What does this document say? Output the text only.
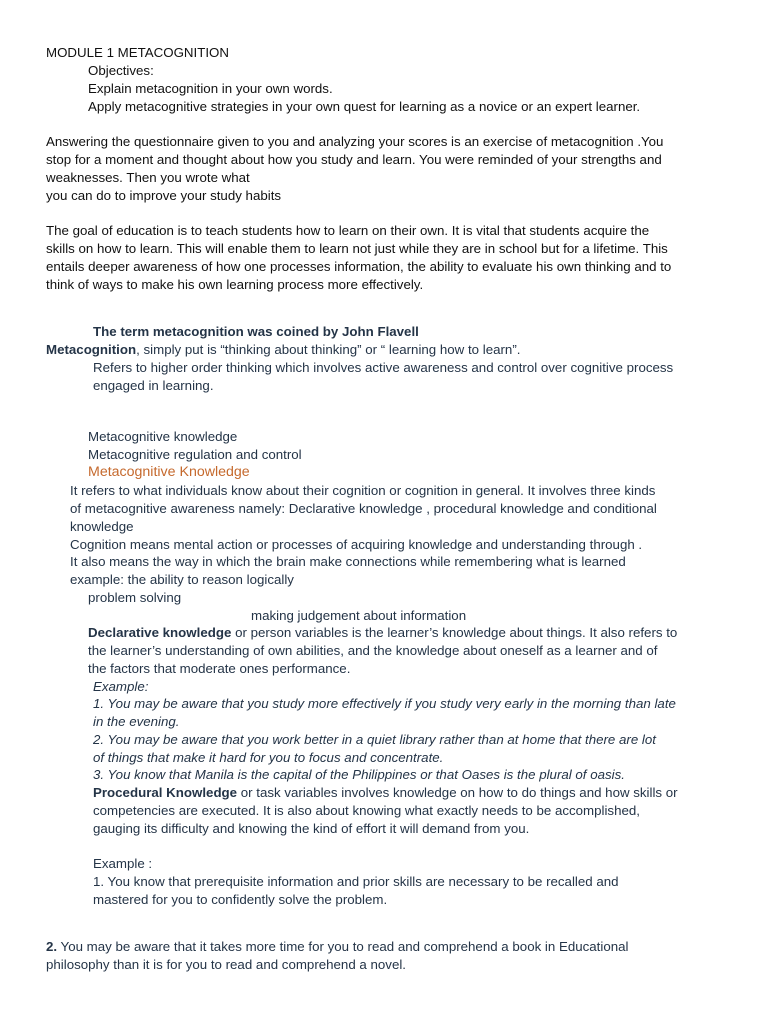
MODULE 1 METACOGNITION
Objectives:
Explain metacognition in your own words.
Apply metacognitive strategies in your own quest for learning as a novice or an expert learner.
Answering the questionnaire given to you and analyzing your scores is an exercise of metacognition .You
stop for a moment and thought about how you study and learn. You were reminded of your strengths and
weaknesses. Then you wrote what
you can do to improve your study habits
The goal of education is to teach students how to learn on their own. It is vital that students acquire the
skills on how to learn. This will enable them to learn not just while they are in school but for a lifetime. This
entails deeper awareness of how one processes information, the ability to evaluate his own thinking and to
think of ways to make his own learning process more effectively.
The term metacognition was coined by John Flavell
Metacognition, simply put is “thinking about thinking” or “ learning how to learn”.
Refers to higher order thinking which involves active awareness and control over cognitive process
engaged in learning.
Metacognitive knowledge
Metacognitive regulation and control
Metacognitive Knowledge
It refers to what individuals know about their cognition or cognition in general. It involves three kinds
of metacognitive awareness namely: Declarative knowledge , procedural knowledge and conditional
knowledge
Cognition means mental action or processes of acquiring knowledge and understanding through .
It also means the way in which the brain make connections while remembering what is learned
example: the ability to reason logically
problem solving
making judgement about information
Declarative knowledge or person variables is the learner’s knowledge about things. It also refers to
the learner’s understanding of own abilities, and the knowledge about oneself as a learner and of
the factors that moderate ones performance.
Example:
1. You may be aware that you study more effectively if you study very early in the morning than late
in the evening.
2. You may be aware that you work better in a quiet library rather than at home that there are lot
of things that make it hard for you to focus and concentrate.
3. You know that Manila is the capital of the Philippines or that Oases is the plural of oasis.
Procedural Knowledge or task variables involves knowledge on how to do things and how skills or
competencies are executed. It is also about knowing what exactly needs to be accomplished,
gauging its difficulty and knowing the kind of effort it will demand from you.
Example :
1. You know that prerequisite information and prior skills are necessary to be recalled and
mastered for you to confidently solve the problem.
2. You may be aware that it takes more time for you to read and comprehend a book in Educational
philosophy than it is for you to read and comprehend a novel.
